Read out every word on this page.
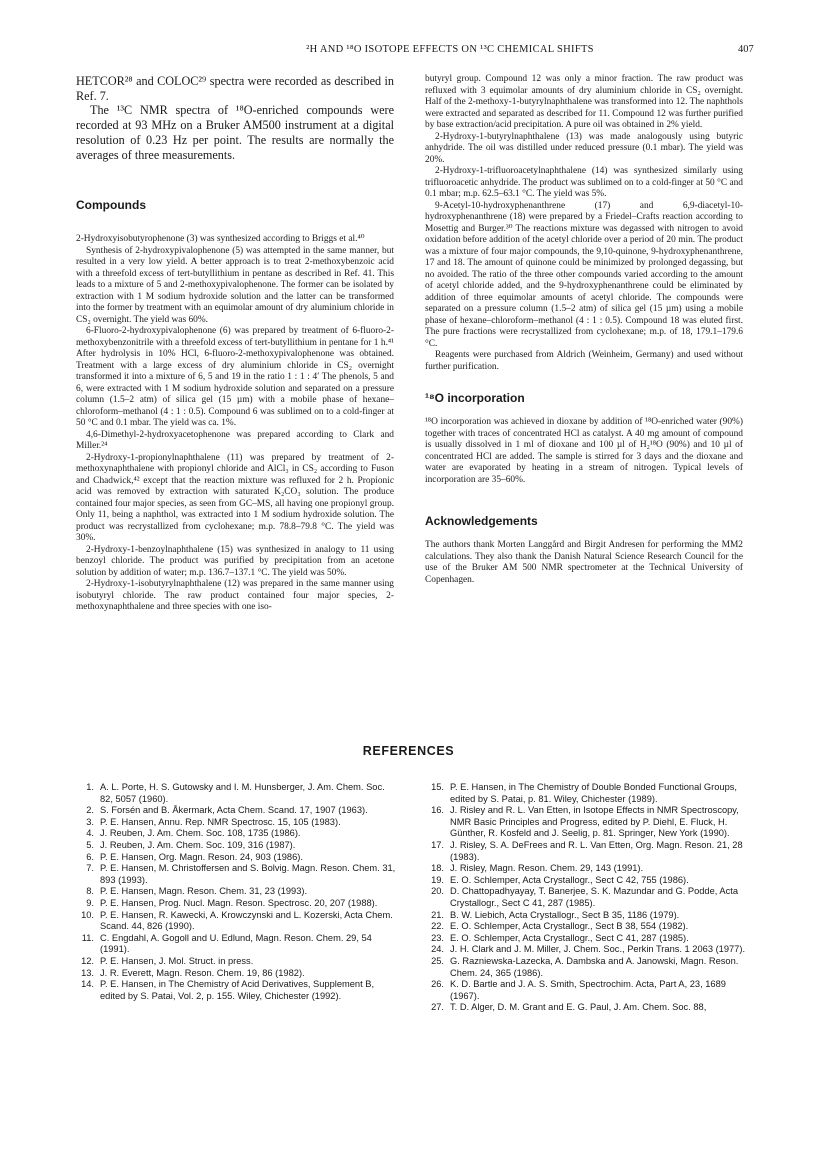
²H AND ¹⁸O ISOTOPE EFFECTS ON ¹³C CHEMICAL SHIFTS	407

HETCOR²⁸ and COLOC²⁹ spectra were recorded as described in Ref. 7.

The ¹³C NMR spectra of ¹⁸O-enriched compounds were recorded at 93 MHz on a Bruker AM500 instrument at a digital resolution of 0.23 Hz per point. The results are normally the averages of three measurements.

Compounds

2-Hydroxyisobutyrophenone (3) was synthesized according to Briggs et al.⁴⁰

Synthesis of 2-hydroxypivalophenone (5) was attempted in the same manner, but resulted in a very low yield. A better approach is to treat 2-methoxybenzoic acid with a threefold excess of tert-butyllithium in pentane as described in Ref. 41. This leads to a mixture of 5 and 2-methoxypivalophenone. The former can be isolated by extraction with 1 M sodium hydroxide solution and the latter can be transformed into the former by treatment with an equimolar amount of dry aluminium chloride in CS₂ overnight. The yield was 60%.

6-Fluoro-2-hydroxypivalophenone (6) was prepared by treatment of 6-fluoro-2-methoxybenzonitrile with a threefold excess of tert-butyllithium in pentane for 1 h.⁴¹ After hydrolysis in 10% HCl, 6-fluoro-2-methoxypivalophenone was obtained. Treatment with a large excess of dry aluminium chloride in CS₂ overnight transformed it into a mixture of 6, 5 and 19 in the ratio 1 : 1 : 4′ The phenols, 5 and 6, were extracted with 1 M sodium hydroxide solution and separated on a pressure column (1.5–2 atm) of silica gel (15 µm) with a mobile phase of hexane–chloroform–methanol (4 : 1 : 0.5). Compound 6 was sublimed on to a cold-finger at 50 °C and 0.1 mbar. The yield was ca. 1%.

4,6-Dimethyl-2-hydroxyacetophenone was prepared according to Clark and Miller.²⁴

2-Hydroxy-1-propionylnaphthalene (11) was prepared by treatment of 2-methoxynaphthalene with propionyl chloride and AlCl₃ in CS₂ according to Fuson and Chadwick,⁴² except that the reaction mixture was refluxed for 2 h. Propionic acid was removed by extraction with saturated K₂CO₃ solution. The produce contained four major species, as seen from GC–MS, all having one propionyl group. Only 11, being a naphthol, was extracted into 1 M sodium hydroxide solution. The product was recrystallized from cyclohexane; m.p. 78.8–79.8 °C. The yield was 30%.

2-Hydroxy-1-benzoylnaphthalene (15) was synthesized in analogy to 11 using benzoyl chloride. The product was purified by precipitation from an acetone solution by addition of water; m.p. 136.7–137.1 °C. The yield was 50%.

2-Hydroxy-1-isobutyrylnaphthalene (12) was prepared in the same manner using isobutyryl chloride. The raw product contained four major species, 2-methoxynaphthalene and three species with one iso-

butyryl group. Compound 12 was only a minor fraction. The raw product was refluxed with 3 equimolar amounts of dry aluminium chloride in CS₂ overnight. Half of the 2-methoxy-1-butyrylnaphthalene was transformed into 12. The naphthols were extracted and separated as described for 11. Compound 12 was further purified by base extraction/acid precipitation. A pure oil was obtained in 2% yield.

2-Hydroxy-1-butyrylnaphthalene (13) was made analogously using butyric anhydride. The oil was distilled under reduced pressure (0.1 mbar). The yield was 20%.

2-Hydroxy-1-trifluoroacetylnaphthalene (14) was synthesized similarly using trifluoroacetic anhydride. The product was sublimed on to a cold-finger at 50 °C and 0.1 mbar; m.p. 62.5–63.1 °C. The yield was 5%.

9-Acetyl-10-hydroxyphenanthrene (17) and 6,9-diacetyl-10-hydroxyphenanthrene (18) were prepared by a Friedel–Crafts reaction according to Mosettig and Burger.³⁰ The reactions mixture was degassed with nitrogen to avoid oxidation before addition of the acetyl chloride over a period of 20 min. The product was a mixture of four major compounds, the 9,10-quinone, 9-hydroxyphenanthrene, 17 and 18. The amount of quinone could be minimized by prolonged degassing, but no avoided. The ratio of the three other compounds varied according to the amount of acetyl chloride added, and the 9-hydroxyphenanthrene could be eliminated by addition of three equimolar amounts of acetyl chloride. The compounds were separated on a pressure column (1.5–2 atm) of silica gel (15 µm) using a mobile phase of hexane–chloroform–methanol (4 : 1 : 0.5). Compound 18 was eluted first. The pure fractions were recrystallized from cyclohexane; m.p. of 18, 179.1–179.6 °C.

Reagents were purchased from Aldrich (Weinheim, Germany) and used without further purification.

¹⁸O incorporation

¹⁸O incorporation was achieved in dioxane by addition of ¹⁸O-enriched water (90%) together with traces of concentrated HCl as catalyst. A 40 mg amount of compound is usually dissolved in 1 ml of dioxane and 100 µl of H₂¹⁸O (90%) and 10 µl of concentrated HCl are added. The sample is stirred for 3 days and the dioxane and water are evaporated by heating in a stream of nitrogen. Typical levels of incorporation are 35–60%.

Acknowledgements

The authors thank Morten Langgård and Birgit Andresen for performing the MM2 calculations. They also thank the Danish Natural Science Research Council for the use of the Bruker AM 500 NMR spectrometer at the Technical University of Copenhagen.

REFERENCES
1. A. L. Porte, H. S. Gutowsky and I. M. Hunsberger, J. Am. Chem. Soc. 82, 5057 (1960).
2. S. Forsén and B. Åkermark, Acta Chem. Scand. 17, 1907 (1963).
3. P. E. Hansen, Annu. Rep. NMR Spectrosc. 15, 105 (1983).
4. J. Reuben, J. Am. Chem. Soc. 108, 1735 (1986).
5. J. Reuben, J. Am. Chem. Soc. 109, 316 (1987).
6. P. E. Hansen, Org. Magn. Reson. 24, 903 (1986).
7. P. E. Hansen, M. Christoffersen and S. Bolvig. Magn. Reson. Chem. 31, 893 (1993).
8. P. E. Hansen, Magn. Reson. Chem. 31, 23 (1993).
9. P. E. Hansen, Prog. Nucl. Magn. Reson. Spectrosc. 20, 207 (1988).
10. P. E. Hansen, R. Kawecki, A. Krowczynski and L. Kozerski, Acta Chem. Scand. 44, 826 (1990).
11. C. Engdahl, A. Gogoll and U. Edlund, Magn. Reson. Chem. 29, 54 (1991).
12. P. E. Hansen, J. Mol. Struct. in press.
13. J. R. Everett, Magn. Reson. Chem. 19, 86 (1982).
14. P. E. Hansen, in The Chemistry of Acid Derivatives, Supplement B, edited by S. Patai, Vol. 2, p. 155. Wiley, Chichester (1992).
15. P. E. Hansen, in The Chemistry of Double Bonded Functional Groups, edited by S. Patai, p. 81. Wiley, Chichester (1989).
16. J. Risley and R. L. Van Etten, in Isotope Effects in NMR Spectroscopy, NMR Basic Principles and Progress, edited by P. Diehl, E. Fluck, H. Günther, R. Kosfeld and J. Seelig, p. 81. Springer, New York (1990).
17. J. Risley, S. A. DeFrees and R. L. Van Etten, Org. Magn. Reson. 21, 28 (1983).
18. J. Risley, Magn. Reson. Chem. 29, 143 (1991).
19. E. O. Schlemper, Acta Crystallogr., Sect C 42, 755 (1986).
20. D. Chattopadhyayay, T. Banerjee, S. K. Mazundar and G. Podde, Acta Crystallogr., Sect C 41, 287 (1985).
21. B. W. Liebich, Acta Crystallogr., Sect B 35, 1186 (1979).
22. E. O. Schlemper, Acta Crystallogr., Sect B 38, 554 (1982).
23. E. O. Schlemper, Acta Crystallogr., Sect C 41, 287 (1985).
24. J. H. Clark and J. M. Miller, J. Chem. Soc., Perkin Trans. 1 2063 (1977).
25. G. Razniewska-Lazecka, A. Dambska and A. Janowski, Magn. Reson. Chem. 24, 365 (1986).
26. K. D. Bartle and J. A. S. Smith, Spectrochim. Acta, Part A, 23, 1689 (1967).
27. T. D. Alger, D. M. Grant and E. G. Paul, J. Am. Chem. Soc. 88,
